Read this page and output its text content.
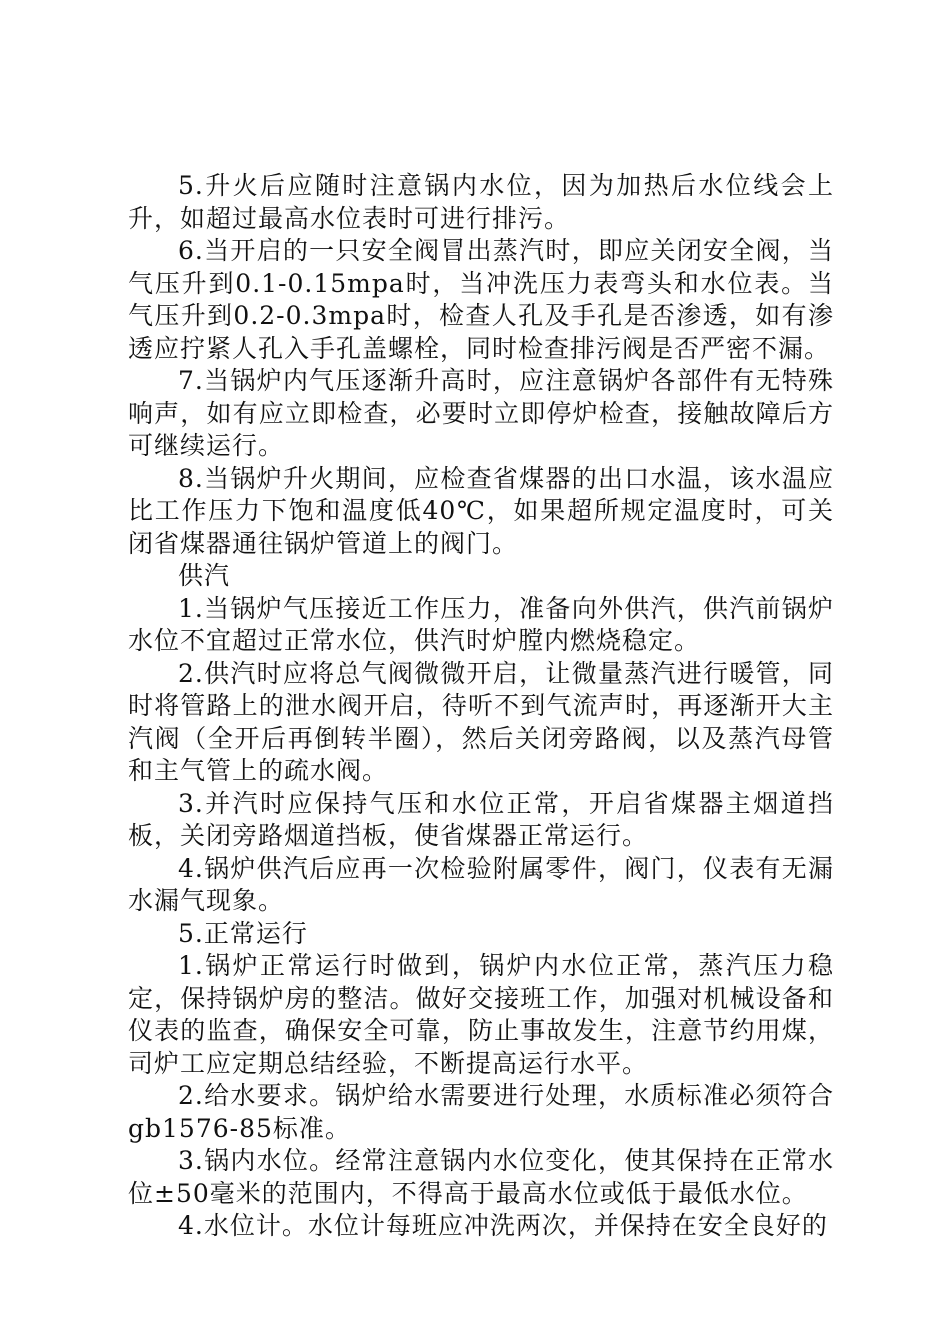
5.升火后应随时注意锅内水位，因为加热后水位线会上升，如超过最高水位表时可进行排污。

6.当开启的一只安全阀冒出蒸汽时，即应关闭安全阀，当气压升到0.1-0.15mpa时，当冲洗压力表弯头和水位表。当气压升到0.2-0.3mpa时，检查人孔及手孔是否渗透，如有渗透应拧紧人孔入手孔盖螺栓，同时检查排污阀是否严密不漏。

7.当锅炉内气压逐渐升高时，应注意锅炉各部件有无特殊响声，如有应立即检查，必要时立即停炉检查，接触故障后方可继续运行。

8.当锅炉升火期间，应检查省煤器的出口水温，该水温应比工作压力下饱和温度低40℃，如果超所规定温度时，可关闭省煤器通往锅炉管道上的阀门。

供汽

1.当锅炉气压接近工作压力，准备向外供汽，供汽前锅炉水位不宜超过正常水位，供汽时炉膛内燃烧稳定。

2.供汽时应将总气阀微微开启，让微量蒸汽进行暖管，同时将管路上的泄水阀开启，待听不到气流声时，再逐渐开大主汽阀（全开后再倒转半圈），然后关闭旁路阀，以及蒸汽母管和主气管上的疏水阀。

3.并汽时应保持气压和水位正常，开启省煤器主烟道挡板，关闭旁路烟道挡板，使省煤器正常运行。

4.锅炉供汽后应再一次检验附属零件，阀门，仪表有无漏水漏气现象。

5.正常运行

1.锅炉正常运行时做到，锅炉内水位正常，蒸汽压力稳定，保持锅炉房的整洁。做好交接班工作，加强对机械设备和仪表的监查，确保安全可靠，防止事故发生，注意节约用煤，司炉工应定期总结经验，不断提高运行水平。

2.给水要求。锅炉给水需要进行处理，水质标准必须符合gb1576-85标准。

3.锅内水位。经常注意锅内水位变化，使其保持在正常水位±50毫米的范围内，不得高于最高水位或低于最低水位。

4.水位计。水位计每班应冲洗两次，并保持在安全良好的
